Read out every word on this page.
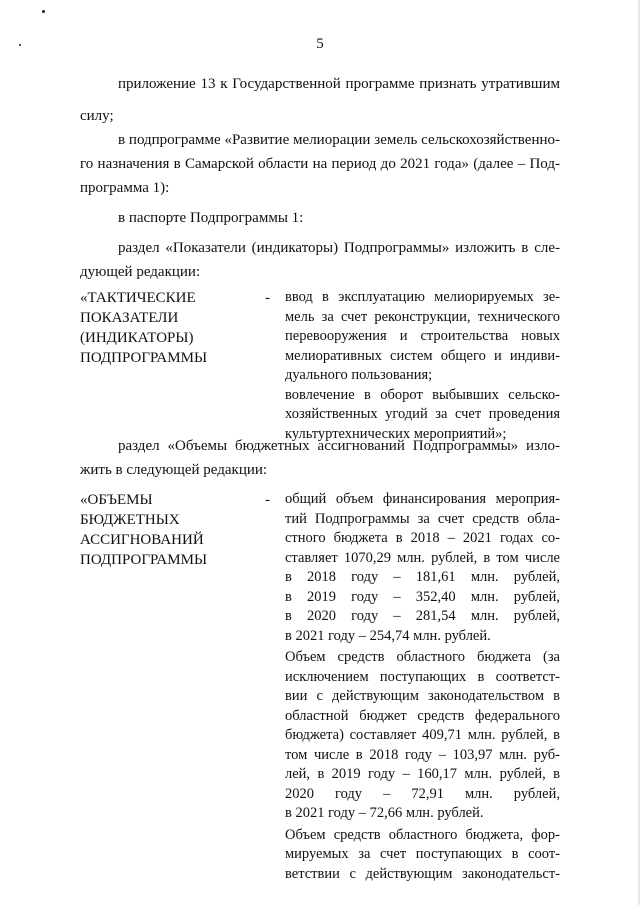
5
приложение 13 к Государственной программе признать утратившим
силу;
в подпрограмме «Развитие мелиорации земель сельскохозяйственно-
го назначения в Самарской области на период до 2021 года» (далее – Под-
программа 1):
в паспорте Подпрограммы 1:
раздел «Показатели (индикаторы) Подпрограммы» изложить в сле-
дующей редакции:
«ТАКТИЧЕСКИЕ
ПОКАЗАТЕЛИ
(ИНДИКАТОРЫ)
ПОДПРОГРАММЫ
- ввод в эксплуатацию мелиорируемых зе-
мель за счет реконструкции, технического
перевооружения и строительства новых
мелиоративных систем общего и индиви-
дуального пользования;
вовлечение в оборот выбывших сельско-
хозяйственных угодий за счет проведения
культуртехнических мероприятий»;
раздел «Объемы бюджетных ассигнований Подпрограммы» изло-
жить в следующей редакции:
«ОБЪЕМЫ
БЮДЖЕТНЫХ
АССИГНОВАНИЙ
ПОДПРОГРАММЫ
- общий объем финансирования мероприя-
тий Подпрограммы за счет средств обла-
стного бюджета в 2018 – 2021 годах со-
ставляет 1070,29 млн. рублей, в том числе
в 2018 году – 181,61 млн. рублей,
в 2019 году – 352,40 млн. рублей,
в 2020 году – 281,54 млн. рублей,
в 2021 году – 254,74 млн. рублей.
Объем средств областного бюджета (за
исключением поступающих в соответст-
вии с действующим законодательством в
областной бюджет средств федерального
бюджета) составляет 409,71 млн. рублей, в
том числе в 2018 году – 103,97 млн. руб-
лей, в 2019 году – 160,17 млн. рублей, в
2020 году – 72,91 млн. рублей,
в 2021 году – 72,66 млн. рублей.
Объем средств областного бюджета, фор-
мируемых за счет поступающих в соот-
ветствии с действующим законодательст-
